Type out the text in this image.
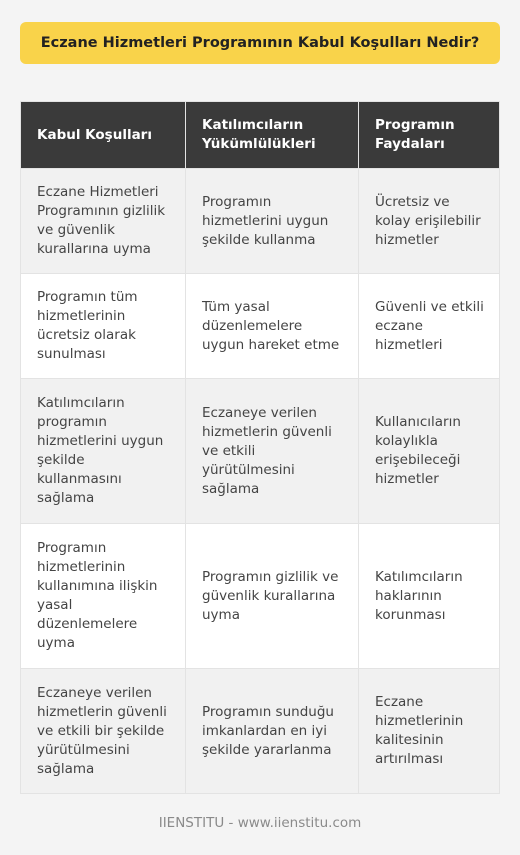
Eczane Hizmetleri Programının Kabul Koşulları Nedir?
Kabul Koşulları	Katılımcıların Yükümlülükleri	Programın Faydaları
Eczane Hizmetleri Programının gizlilik ve güvenlik kurallarına uyma	Programın hizmetlerini uygun şekilde kullanma	Ücretsiz ve kolay erişilebilir hizmetler
Programın tüm hizmetlerinin ücretsiz olarak sunulması	Tüm yasal düzenlemelere uygun hareket etme	Güvenli ve etkili eczane hizmetleri
Katılımcıların programın hizmetlerini uygun şekilde kullanmasını sağlama	Eczaneye verilen hizmetlerin güvenli ve etkili yürütülmesini sağlama	Kullanıcıların kolaylıkla erişebileceği hizmetler
Programın hizmetlerinin kullanımına ilişkin yasal düzenlemelere uyma	Programın gizlilik ve güvenlik kurallarına uyma	Katılımcıların haklarının korunması
Eczaneye verilen hizmetlerin güvenli ve etkili bir şekilde yürütülmesini sağlama	Programın sunduğu imkanlardan en iyi şekilde yararlanma	Eczane hizmetlerinin kalitesinin artırılması
IIENSTITU - www.iienstitu.com
